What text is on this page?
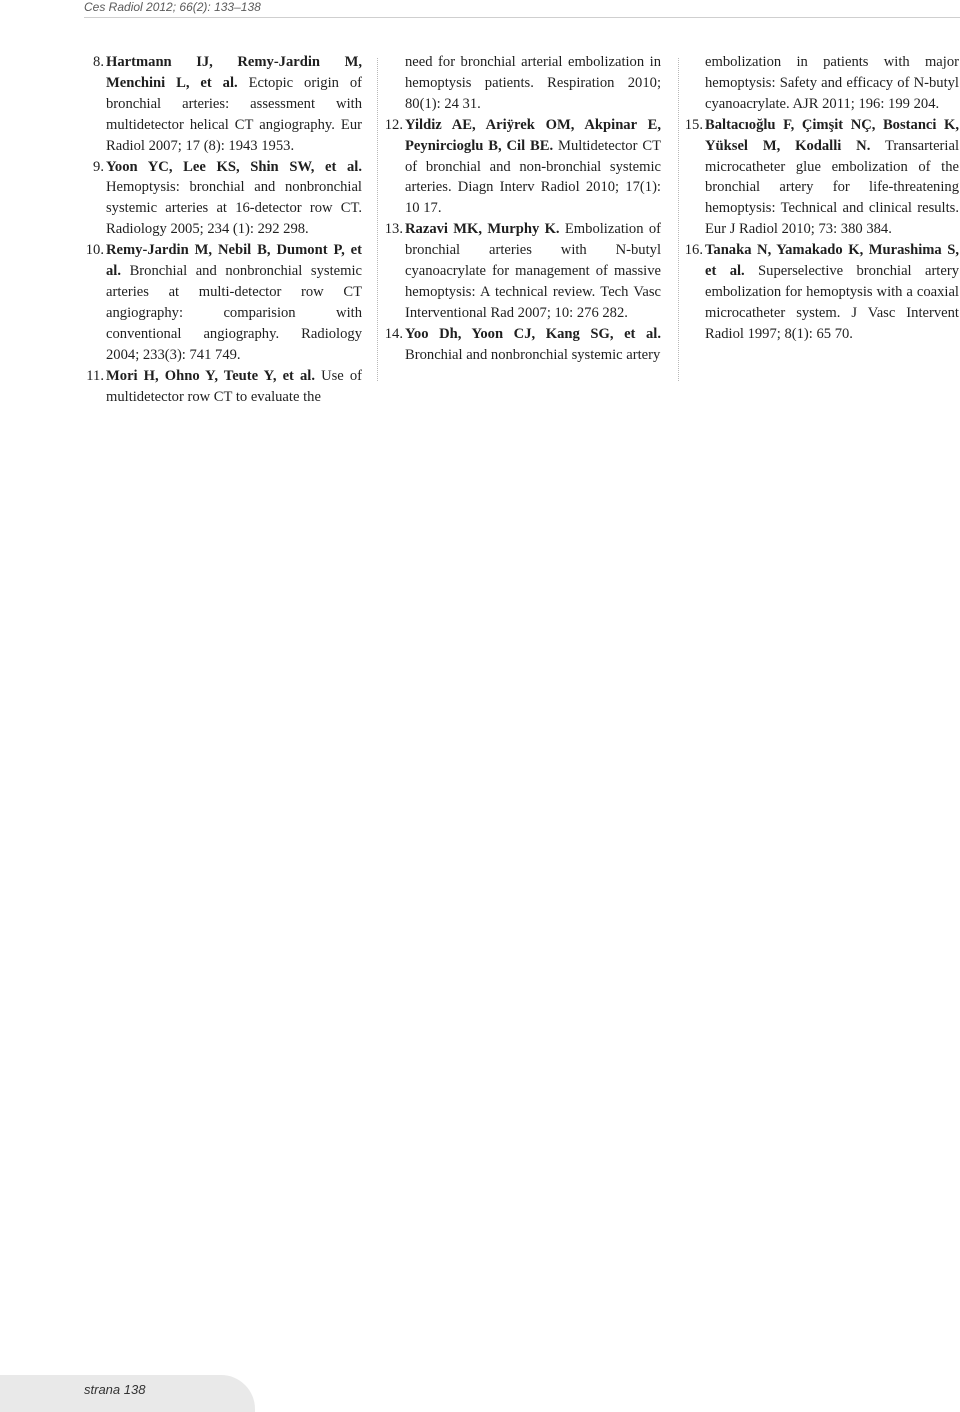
Ces Radiol 2012; 66(2): 133–138
8. Hartmann IJ, Remy-Jardin M, Menchini L, et al. Ectopic origin of bronchial arteries: assessment with multidetector helical CT angiography. Eur Radiol 2007; 17 (8): 1943 1953.
9. Yoon YC, Lee KS, Shin SW, et al. Hemoptysis: bronchial and nonbronchial systemic arteries at 16-detector row CT. Radiology 2005; 234 (1): 292 298.
10. Remy-Jardin M, Nebil B, Dumont P, et al. Bronchial and nonbronchial systemic arteries at multi-detector row CT angiography: comparision with conventional angiography. Radiology 2004; 233(3): 741 749.
11. Mori H, Ohno Y, Teute Y, et al. Use of multidetector row CT to evaluate the
need for bronchial arterial embolization in hemoptysis patients. Respiration 2010; 80(1): 24 31.
12. Yildiz AE, Ariÿrek OM, Akpinar E, Peynircioglu B, Cil BE. Multidetector CT of bronchial and non-bronchial systemic arteries. Diagn Interv Radiol 2010; 17(1): 10 17.
13. Razavi MK, Murphy K. Embolization of bronchial arteries with N-butyl cyanoacrylate for management of massive hemoptysis: A technical review. Tech Vasc Interventional Rad 2007; 10: 276 282.
14. Yoo Dh, Yoon CJ, Kang SG, et al. Bronchial and nonbronchial systemic artery
embolization in patients with major hemoptysis: Safety and efficacy of N-butyl cyanoacrylate. AJR 2011; 196: 199 204.
15. Baltacıoğlu F, Çimşit NÇ, Bostanci K, Yüksel M, Kodalli N. Transarterial microcatheter glue embolization of the bronchial artery for life-threatening hemoptysis: Technical and clinical results. Eur J Radiol 2010; 73: 380 384.
16. Tanaka N, Yamakado K, Murashima S, et al. Superselective bronchial artery embolization for hemoptysis with a coaxial microcatheter system. J Vasc Intervent Radiol 1997; 8(1): 65 70.
strana 138
